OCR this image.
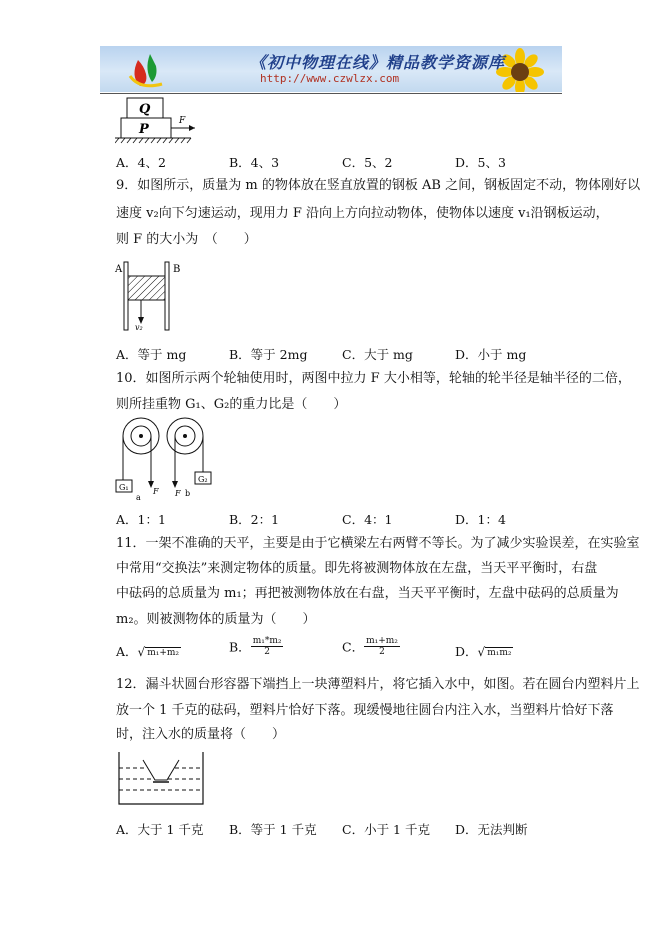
《初中物理在线》精品教学资源库
http://www.czwlzx.com
Q
P
F
A．4、2	B．4、3	C．5、2	D．5、3
9．如图所示，质量为 m 的物体放在竖直放置的钢板 AB 之间，钢板固定不动，物体刚好以
速度 v₂向下匀速运动，现用力 F 沿向上方向拉动物体，使物体以速度 v₁沿钢板运动，
则 F 的大小为　（　　）
A	B
v₂
A．等于 mg	B．等于 2mg	C．大于 mg	D．小于 mg
10．如图所示两个轮轴使用时，两图中拉力 F 大小相等，轮轴的轮半径是轴半径的二倍，
则所挂重物 G₁、G₂的重力比是（　　）
G₁	F
a	F b
G₂
A．1：1	B．2：1	C．4：1	D．1：4
11．一架不准确的天平，主要是由于它横梁左右两臂不等长。为了减少实验误差，在实验室
中常用“交换法”来测定物体的质量。即先将被测物体放在左盘，当天平平衡时，右盘
中砝码的总质量为 m₁；再把被测物体放在右盘，当天平平衡时，左盘中砝码的总质量为
m₂。则被测物体的质量为（　　）
A．√ m₁+m₂	B． $\frac{\text{m₁*m₂}}{2}$	C． $\frac{\text{m₁+m₂}}{2}$	D．√ m₁m₂
12．漏斗状圆台形容器下端挡上一块薄塑料片，将它插入水中，如图。若在圆台内塑料片上
放一个 1 千克的砝码，塑料片恰好下落。现缓慢地往圆台内注入水，当塑料片恰好下落
时，注入水的质量将（　　）
A．大于 1 千克 B．等于 1 千克 C．小于 1 千克 D．无法判断
